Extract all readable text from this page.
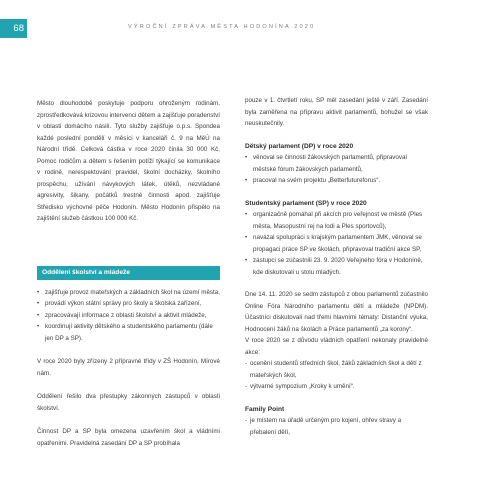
68	VÝROČNÍ ZPRÁVA MĚSTA HODONÍNA 2020

Město dlouhodobě poskytuje podporu ohroženým rodinám, zprostředkovává krizovou intervenci dětem a zajišťuje poradenství v oblasti domácího násilí. Tyto služby zajišťuje o.p.s. Spondea každé poslední pondělí v měsíci v kanceláři č. 9 na MěÚ na Národní třídě. Celková částka v roce 2020 činila 30 000 Kč. Pomoc rodičům a dětem s řešením potíží týkající se komunikace v rodině, nerespektování pravidel, školní docházky, školního prospěchu, užívání návykových látek, útěků, nezvládané agresivity, šikany, počátků trestné činnosti apod. zajišťuje Středisko výchovné péče Hodonín. Město Hodonín přispělo na zajištění služeb částkou 100 000 Kč.

Oddělení školství a mládeže
• zajišťuje provoz mateřských a základních škol na území města,
• provádí výkon státní správy pro školy a školská zařízení,
• zpracovávají informace z oblasti školství a aktivit mládeže,
• koordinují aktivity dětského a studentského parlamentu (dále jen DP a SP).

V roce 2020 byly zřízeny 2 přípravné třídy v ZŠ Hodonín, Mírové nám.

Oddělení řešilo dva přestupky zákonných zástupců v oblasti školství.

Činnost DP a SP byla omezena uzavřením škol a vládními opatřeními. Pravidelná zasedání DP a SP probíhala

pouze v 1. čtvrtletí roku, SP měl zasedání ještě v září. Zasedání byla zaměřena na přípravu aktivit parlamentů, bohužel se však neuskutečnily.

Dětský parlament (DP) v roce 2020
• věnoval se činnosti žákovských parlamentů, připravoval městské fórum žákovských parlamentů,
• pracoval na svém projektu „Betterfuturefor​us“.
Studentský parlament (SP) v roce 2020
• organizačně pomáhal při akcích pro veřejnost ve městě (Ples města, Masopustní rej na lodi a Ples sportovců),
• navázal spolupráci s krajským parlamentem JMK, věnoval se propagaci práce SP ve školách, připravoval tradiční akce SP,
• zástupci se zúčastnili 23. 9. 2020 Veřejného fóra v Hodoníně, kde diskutovali u stolu mladých.

Dne 14. 11. 2020 se sedm zástupců z obou parlamentů zúčastnilo Online Fóra Národního parlamentu dětí a mládeže (NPDM). Účastníci diskutovali nad třemi hlavními tématy: Distanční výuka, Hodnocení žáků na školách a Práce parlamentů „za korony“.

V roce 2020 se z důvodu vládních opatření nekonaly pravidelné akce:

- ocenění studentů středních škol, žáků základních škol a dětí z mateřských škol,
- výtvarné sympozium „Kroky k umění“.
Family Point
- je místem na úřadě určeným pro kojení, ohřev stravy a přebalení dětí,
